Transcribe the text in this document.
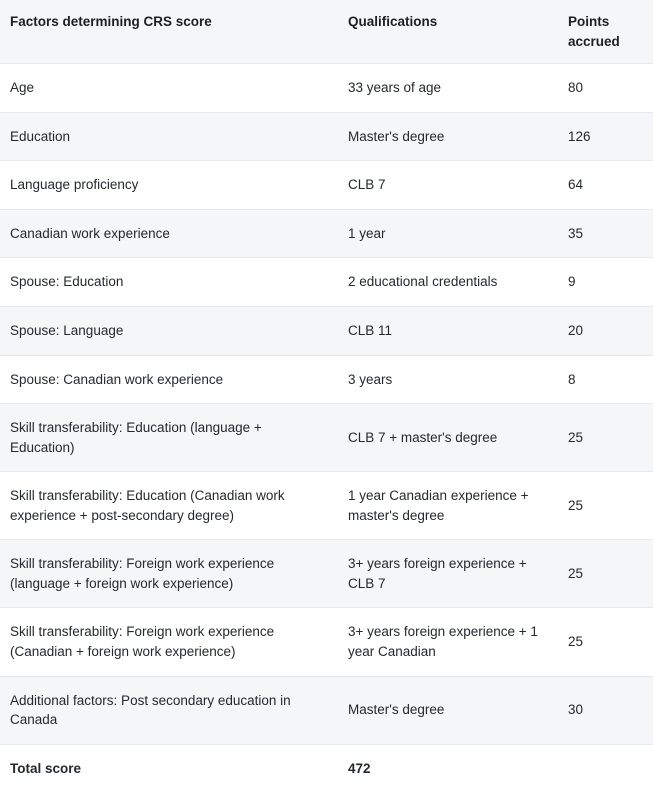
Factors determining CRS score	Qualifications	Points accrued
Age	33 years of age	80
Education	Master's degree	126
Language proficiency	CLB 7	64
Canadian work experience	1 year	35
Spouse: Education	2 educational credentials	9
Spouse: Language	CLB 11	20
Spouse: Canadian work experience	3 years	8
Skill transferability: Education (language + Education)	CLB 7 + master's degree	25
Skill transferability: Education (Canadian work experience + post-secondary degree)	1 year Canadian experience + master's degree	25
Skill transferability: Foreign work experience (language + foreign work experience)	3+ years foreign experience + CLB 7	25
Skill transferability: Foreign work experience (Canadian + foreign work experience)	3+ years foreign experience + 1 year Canadian	25
Additional factors: Post secondary education in Canada	Master's degree	30
Total score	472	
